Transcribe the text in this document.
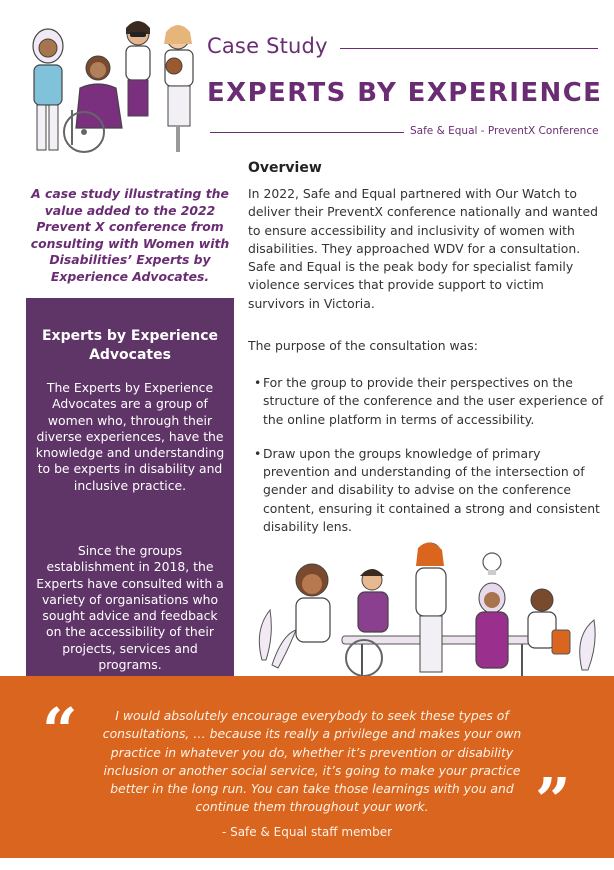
Case Study
EXPERTS BY EXPERIENCE
Safe & Equal - PreventX Conference
A case study illustrating the value added to the 2022 Prevent X conference from consulting with Women with Disabilities’ Experts by Experience Advocates.
Experts by Experience Advocates
The Experts by Experience Advocates are a group of women who, through their diverse experiences, have the knowledge and understanding to be experts in disability and inclusive practice.
Since the groups establishment in 2018, the Experts have consulted with a variety of organisations who sought advice and feedback on the accessibility of their projects, services and programs.
Overview
In 2022, Safe and Equal partnered with Our Watch to deliver their PreventX conference nationally and wanted to ensure accessibility and inclusivity of women with disabilities. They approached WDV for a consultation. Safe and Equal is the peak body for specialist family violence services that provide support to victim survivors in Victoria.
The purpose of the consultation was:
• For the group to provide their perspectives on the structure of the conference and the user experience of the online platform in terms of accessibility.
• Draw upon the groups knowledge of primary prevention and understanding of the intersection of gender and disability to advise on the conference content, ensuring it contained a strong and consistent disability lens.
“	I would absolutely encourage everybody to seek these types of consultations, … because its really a privilege and makes your own practice in whatever you do, whether it’s prevention or disability inclusion or another social service, it’s going to make your practice better in the long run. You can take those learnings with you and continue them throughout your work.	”
- Safe & Equal staff member
